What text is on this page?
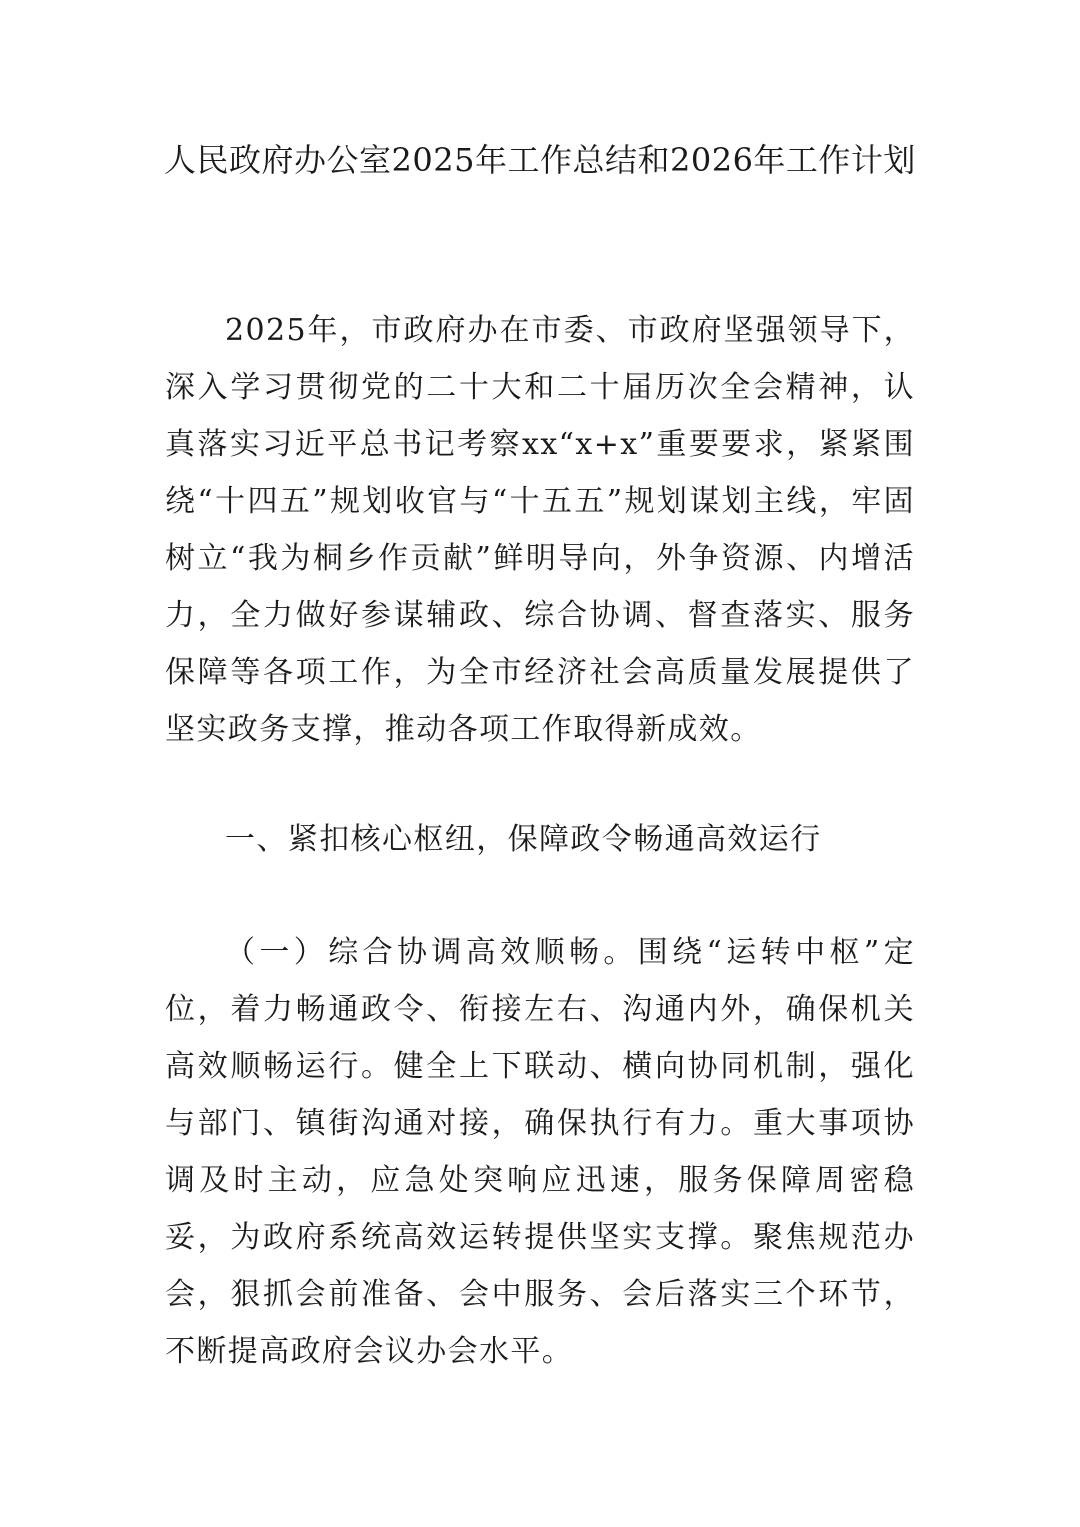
人民政府办公室2025年工作总结和2026年工作计划

2025年，市政府办在市委、市政府坚强领导下，深入学习贯彻党的二十大和二十届历次全会精神，认真落实习近平总书记考察xx“x+x”重要要求，紧紧围绕“十四五”规划收官与“十五五”规划谋划主线，牢固树立“我为桐乡作贡献”鲜明导向，外争资源、内增活力，全力做好参谋辅政、综合协调、督查落实、服务保障等各项工作，为全市经济社会高质量发展提供了坚实政务支撑，推动各项工作取得新成效。

一、紧扣核心枢纽，保障政令畅通高效运行

（一）综合协调高效顺畅。围绕“运转中枢”定位，着力畅通政令、衔接左右、沟通内外，确保机关高效顺畅运行。健全上下联动、横向协同机制，强化与部门、镇街沟通对接，确保执行有力。重大事项协调及时主动，应急处突响应迅速，服务保障周密稳妥，为政府系统高效运转提供坚实支撑。聚焦规范办会，狠抓会前准备、会中服务、会后落实三个环节，不断提高政府会议办会水平。
